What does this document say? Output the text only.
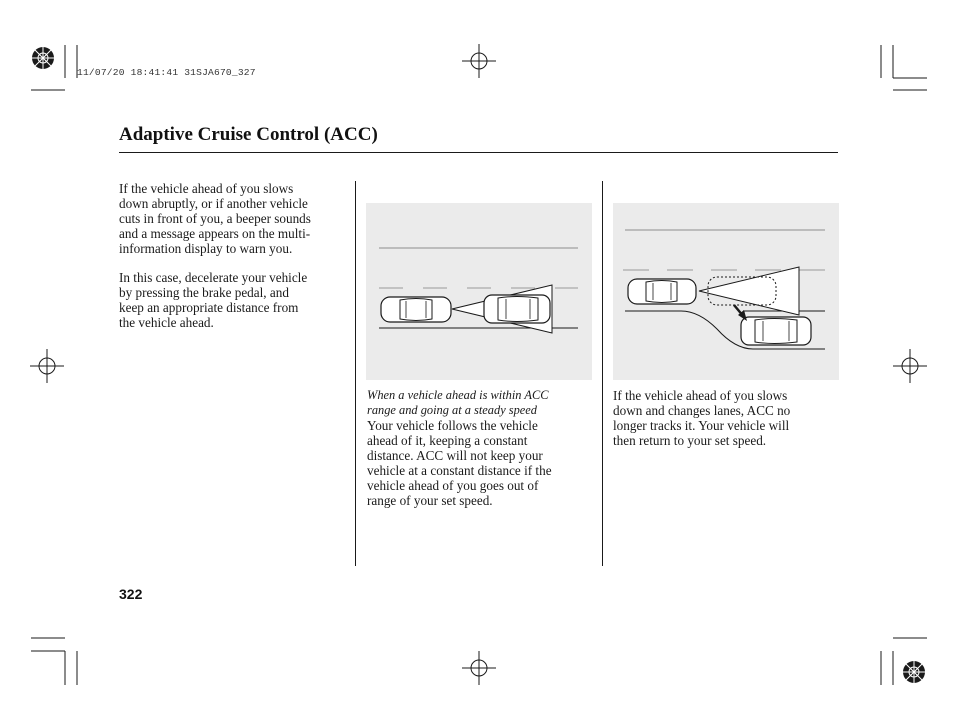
11/07/20 18:41:41 31SJA670_327
Adaptive Cruise Control (ACC)
If the vehicle ahead of you slows
down abruptly, or if another vehicle
cuts in front of you, a beeper sounds
and a message appears on the multi-
information display to warn you.
In this case, decelerate your vehicle
by pressing the brake pedal, and
keep an appropriate distance from
the vehicle ahead.
When a vehicle ahead is within ACC
range and going at a steady speed
Your vehicle follows the vehicle
ahead of it, keeping a constant
distance. ACC will not keep your
vehicle at a constant distance if the
vehicle ahead of you goes out of
range of your set speed.
If the vehicle ahead of you slows
down and changes lanes, ACC no
longer tracks it. Your vehicle will
then return to your set speed.
322
